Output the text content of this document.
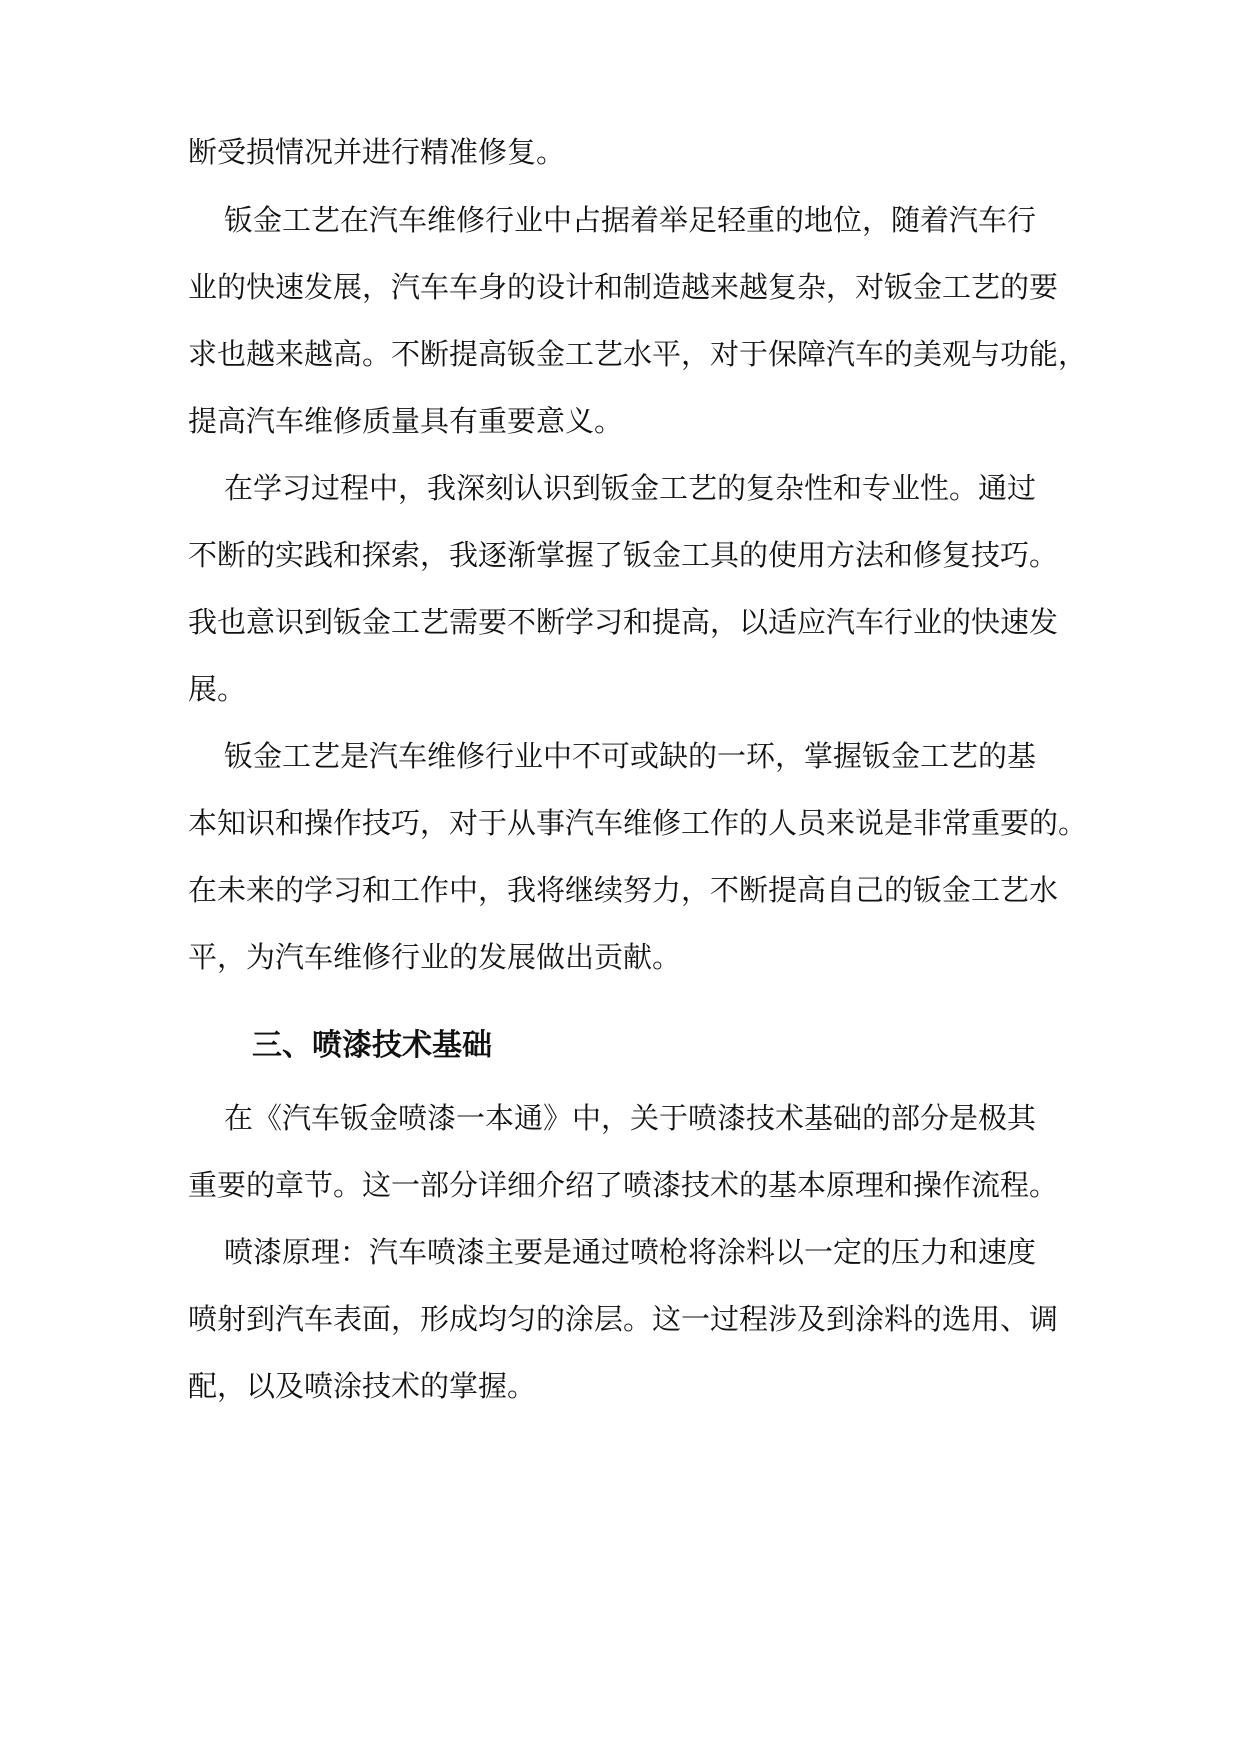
断受损情况并进行精准修复。
钣金工艺在汽车维修行业中占据着举足轻重的地位，随着汽车行
业的快速发展，汽车车身的设计和制造越来越复杂，对钣金工艺的要
求也越来越高。不断提高钣金工艺水平，对于保障汽车的美观与功能，
提高汽车维修质量具有重要意义。
在学习过程中，我深刻认识到钣金工艺的复杂性和专业性。通过
不断的实践和探索，我逐渐掌握了钣金工具的使用方法和修复技巧。
我也意识到钣金工艺需要不断学习和提高，以适应汽车行业的快速发
展。
钣金工艺是汽车维修行业中不可或缺的一环，掌握钣金工艺的基
本知识和操作技巧，对于从事汽车维修工作的人员来说是非常重要的。
在未来的学习和工作中，我将继续努力，不断提高自己的钣金工艺水
平，为汽车维修行业的发展做出贡献。
三、喷漆技术基础
在《汽车钣金喷漆一本通》中，关于喷漆技术基础的部分是极其
重要的章节。这一部分详细介绍了喷漆技术的基本原理和操作流程。
喷漆原理：汽车喷漆主要是通过喷枪将涂料以一定的压力和速度
喷射到汽车表面，形成均匀的涂层。这一过程涉及到涂料的选用、调
配，以及喷涂技术的掌握。
